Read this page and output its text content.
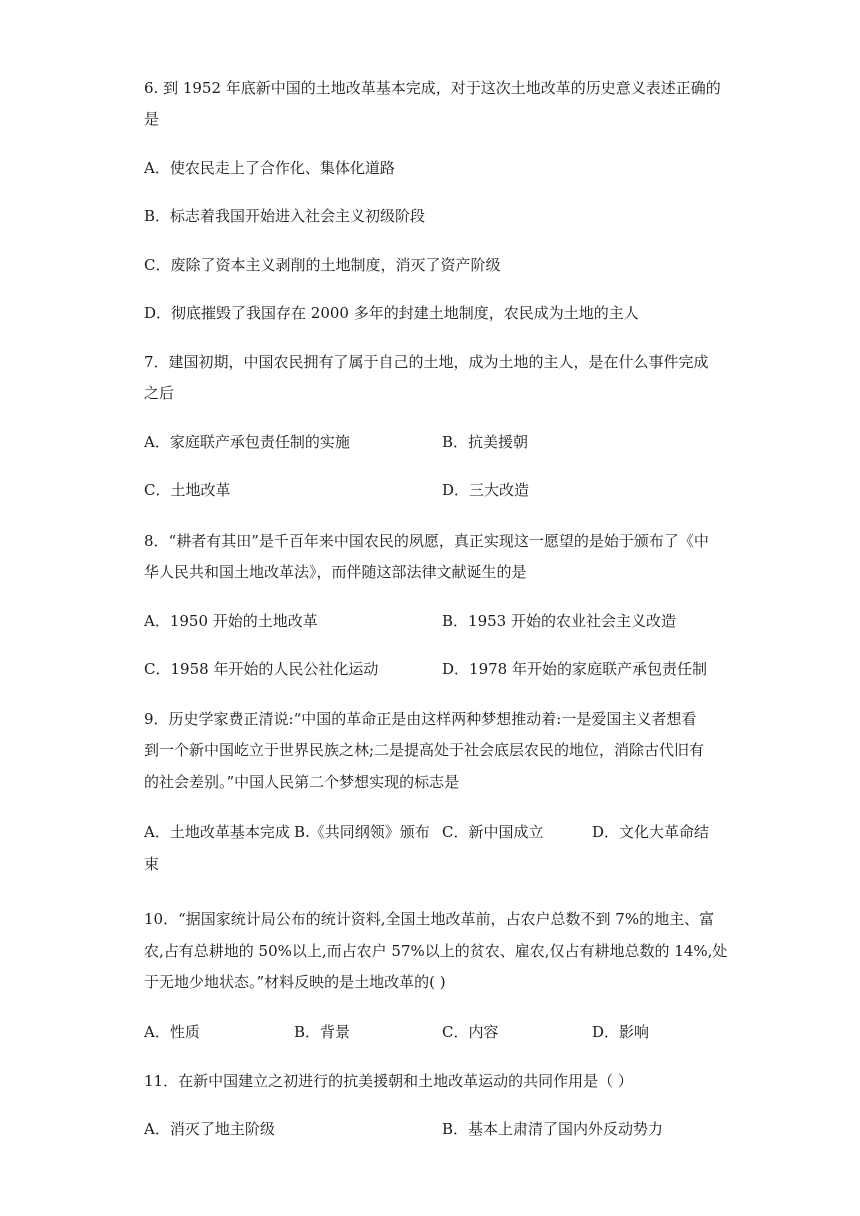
6. 到 1952 年底新中国的土地改革基本完成，对于这次土地改革的历史意义表述正确的

是

A．使农民走上了合作化、集体化道路

B．标志着我国开始进入社会主义初级阶段

C．废除了资本主义剥削的土地制度，消灭了资产阶级

D．彻底摧毁了我国存在 2000 多年的封建土地制度，农民成为土地的主人

7．建国初期，中国农民拥有了属于自己的土地，成为土地的主人，是在什么事件完成

之后

A．家庭联产承包责任制的实施	B．抗美援朝

C．土地改革	D．三大改造

8．“耕者有其田”是千百年来中国农民的夙愿，真正实现这一愿望的是始于颁布了《中

华人民共和国土地改革法》，而伴随这部法律文献诞生的是

A．1950 开始的土地改革	B．1953 开始的农业社会主义改造

C．1958 年开始的人民公社化运动	D．1978 年开始的家庭联产承包责任制

9．历史学家费正清说:“中国的革命正是由这样两种梦想推动着:一是爱国主义者想看

到一个新中国屹立于世界民族之林;二是提高处于社会底层农民的地位，消除古代旧有

的社会差别。”中国人民第二个梦想实现的标志是

A．土地改革基本完成 B.《共同纲领》颁布 C．新中国成立	D．文化大革命结

束

10．“据国家统计局公布的统计资料,全国土地改革前，占农户总数不到 7%的地主、富

农,占有总耕地的 50%以上,而占农户 57%以上的贫农、雇农,仅占有耕地总数的 14%,处

于无地少地状态。”材料反映的是土地改革的( )

A．性质	B．背景	C．内容	D．影响

11．在新中国建立之初进行的抗美援朝和土地改革运动的共同作用是（ ）

A．消灭了地主阶级	B．基本上肃清了国内外反动势力
